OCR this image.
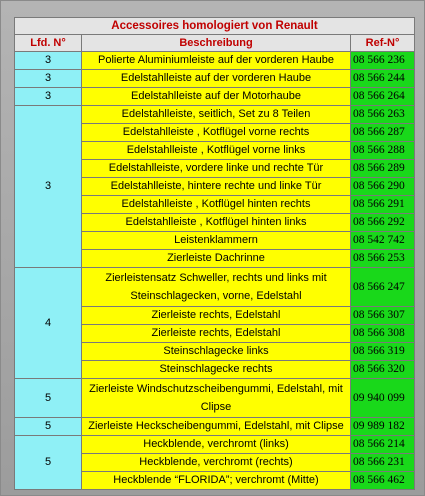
Accessoires homologiert von Renault		
Lfd. N°	Beschreibung	Ref-N°
3	Polierte Aluminiumleiste auf der vorderen Haube	08 566 236
3	Edelstahlleiste auf der vorderen Haube	08 566 244
3	Edelstahlleiste auf der Motorhaube	08 566 264
3	Edelstahlleiste, seitlich, Set zu 8 Teilen	08 566 263
	Edelstahlleiste , Kotflügel vorne rechts	08 566 287
	Edelstahlleiste , Kotflügel vorne links	08 566 288
	Edelstahlleiste, vordere linke und rechte Tür	08 566 289
	Edelstahlleiste, hintere rechte und linke Tür	08 566 290
	Edelstahlleiste , Kotflügel hinten rechts	08 566 291
	Edelstahlleiste , Kotflügel hinten links	08 566 292
	Leistenklammern	08 542 742
	Zierleiste Dachrinne	08 566 253
4	Zierleistensatz Schweller, rechts und links mit Steinschlagecken, vorne, Edelstahl	08 566 247
	Zierleiste rechts, Edelstahl	08 566 307
	Zierleiste rechts, Edelstahl	08 566 308
	Steinschlagecke links	08 566 319
	Steinschlagecke rechts	08 566 320
5	Zierleiste Windschutzscheibengummi, Edelstahl, mit Clipse	09 940 099
5	Zierleiste Heckscheibengummi, Edelstahl, mit Clipse	09 989 182
5	Heckblende, verchromt (links)	08 566 214
	Heckblende, verchromt (rechts)	08 566 231
	Heckblende “FLORIDA”; verchromt (Mitte)	08 566 462
